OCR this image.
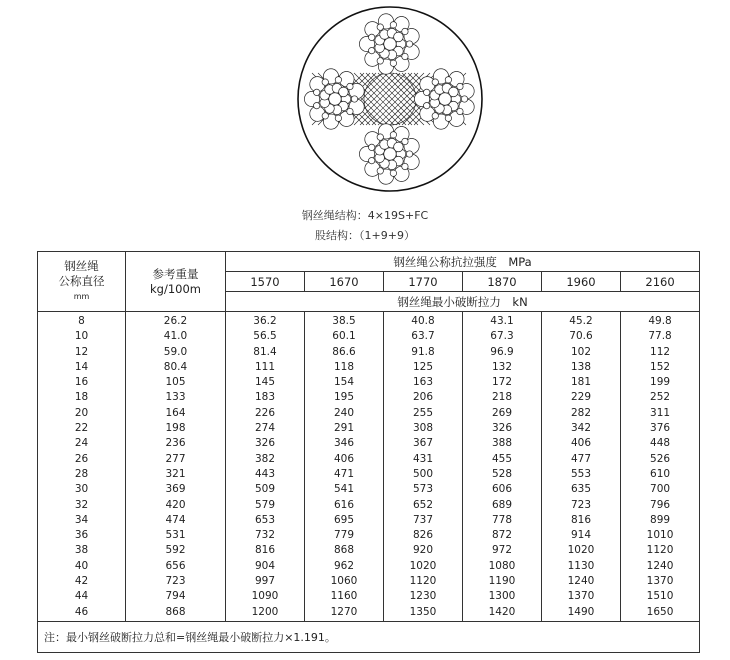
钢丝绳结构：4×19S+FC
股结构：（1+9+9）
钢丝绳
公称直径
mm	参考重量
kg/100m	钢丝绳公称抗拉强度　MPa					
		1570	1670	1770	1870	1960	2160
		钢丝绳最小破断拉力　kN					
8	26.2	36.2	38.5	40.8	43.1	45.2	49.8
10	41.0	56.5	60.1	63.7	67.3	70.6	77.8
12	59.0	81.4	86.6	91.8	96.9	102	112
14	80.4	111	118	125	132	138	152
16	105	145	154	163	172	181	199
18	133	183	195	206	218	229	252
20	164	226	240	255	269	282	311
22	198	274	291	308	326	342	376
24	236	326	346	367	388	406	448
26	277	382	406	431	455	477	526
28	321	443	471	500	528	553	610
30	369	509	541	573	606	635	700
32	420	579	616	652	689	723	796
34	474	653	695	737	778	816	899
36	531	732	779	826	872	914	1010
38	592	816	868	920	972	1020	1120
40	656	904	962	1020	1080	1130	1240
42	723	997	1060	1120	1190	1240	1370
44	794	1090	1160	1230	1300	1370	1510
46	868	1200	1270	1350	1420	1490	1650
注：最小钢丝破断拉力总和=钢丝绳最小破断拉力×1.191。							
